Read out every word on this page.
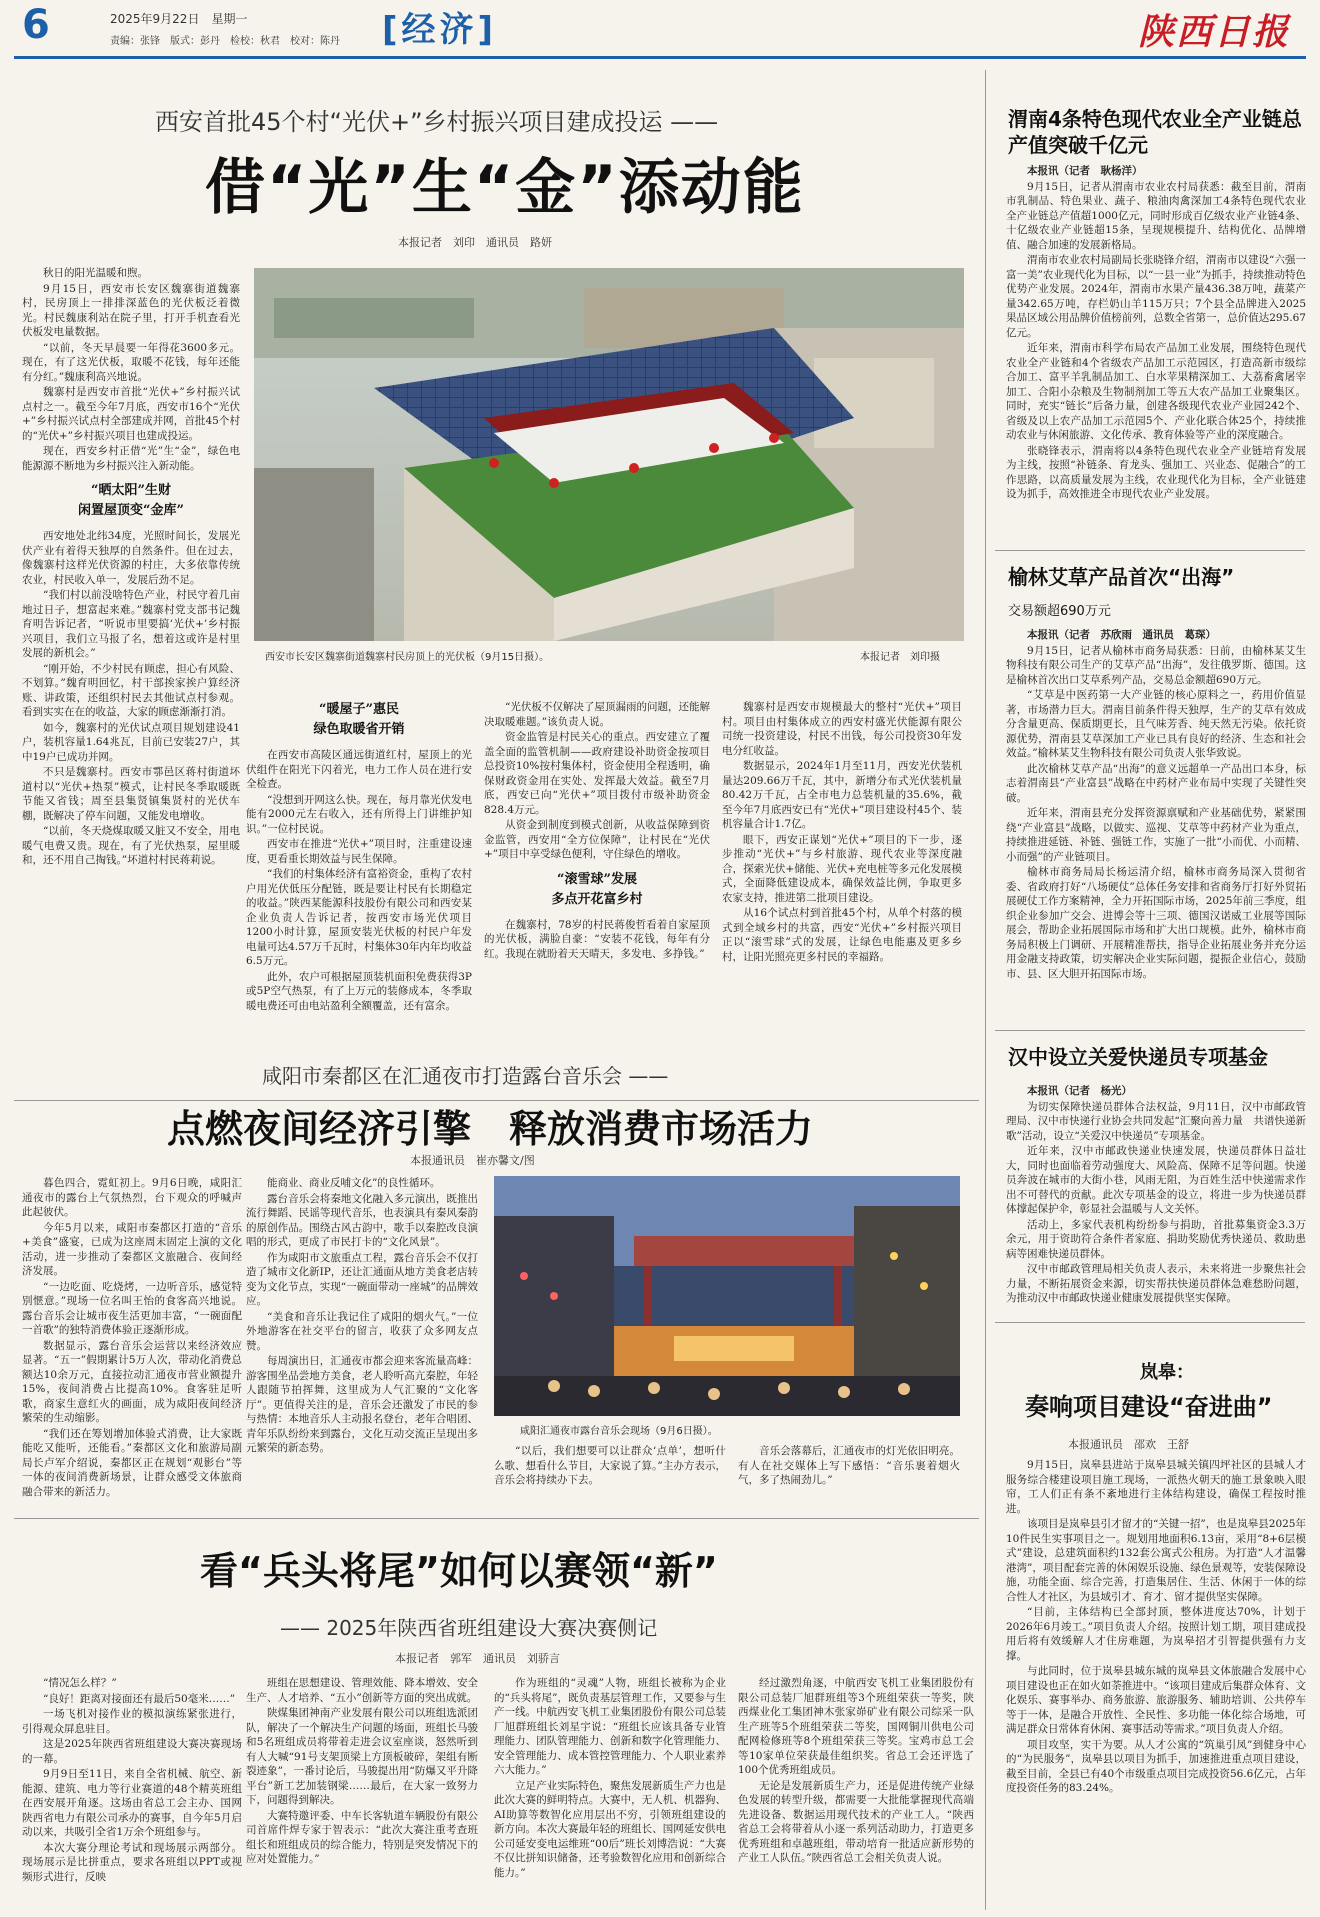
6	2025年9月22日　星期一
责编：张锋　版式：彭丹　检校：秋君　校对：陈丹 [经济]	陕西日报
西安首批45个村“光伏+”乡村振兴项目建成投运 ——
借“光”生“金”添动能
本报记者　刘印　通讯员　路妍

秋日的阳光温暖和煦。

9月15日，西安市长安区魏寨街道魏寨村，民房顶上一排排深蓝色的光伏板泛着微光。村民魏康利站在院子里，打开手机查看光伏板发电量数据。

“以前，冬天早晨要一年得花3600多元。现在，有了这光伏板，取暖不花钱，每年还能有分红。”魏康利高兴地说。

魏寨村是西安市首批“光伏+”乡村振兴试点村之一。截至今年7月底，西安市16个“光伏+”乡村振兴试点村全部建成并网，首批45个村的“光伏+”乡村振兴项目也建成投运。

现在，西安乡村正借“光”生“金”，绿色电能源源不断地为乡村振兴注入新动能。

“晒太阳”生财
闲置屋顶变“金库”

西安地处北纬34度，光照时间长，发展光伏产业有着得天独厚的自然条件。但在过去，像魏寨村这样光伏资源的村庄，大多依靠传统农业，村民收入单一，发展后劲不足。

“我们村以前没啥特色产业，村民守着几亩地过日子，想富起来难。”魏寨村党支部书记魏育明告诉记者，“听说市里要搞‘光伏+’乡村振兴项目，我们立马报了名，想着这或许是村里发展的新机会。”

“刚开始，不少村民有顾虑，担心有风险、不划算。”魏育明回忆，村干部挨家挨户算经济账、讲政策，还组织村民去其他试点村参观。看到实实在在的收益，大家的顾虑渐渐打消。

如今，魏寨村的光伏试点项目规划建设41户，装机容量1.64兆瓦，目前已安装27户，其中19户已成功并网。

不只是魏寨村。西安市鄠邑区蒋村街道坏道村以“光伏+热泵”模式，让村民冬季取暖既节能又省钱；周至县集贤镇集贤村的光伏车棚，既解决了停车问题，又能发电增收。

“以前，冬天烧煤取暖又脏又不安全，用电暖气电费又贵。现在，有了光伏热泵，屋里暖和，还不用自己掏钱。”坏道村村民蒋莉说。

西安市长安区魏寨街道魏寨村民房顶上的光伏板（9月15日摄）。	本报记者　刘印摄
“暖屋子”惠民
绿色取暖省开销

在西安市高陵区通远街道红村，屋顶上的光伏组件在阳光下闪着光，电力工作人员在进行安全检查。

“没想到开网这么快。现在，每月靠光伏发电能有2000元左右收入，还有所得上门讲维护知识。”一位村民说。

西安市在推进“光伏+”项目时，注重建设速度，更看重长期效益与民生保障。

“我们的村集体经济有富裕资金，重构了农村户用光伏低压分配链，既是要让村民有长期稳定的收益。”陕西某能源科技股份有限公司和西安某企业负责人告诉记者，按西安市场光伏项目1200小时计算，屋顶安装光伏板的村民户年发电量可达4.57万千瓦时，村集体30年内年均收益6.5万元。

此外，农户可根据屋顶装机面积免费获得3P或5P空气热泵，有了上万元的装修成本，冬季取暖电费还可由电站盈利全额覆盖，还有富余。

“光伏板不仅解决了屋顶漏雨的问题，还能解决取暖难题。”该负责人说。

资金监管是村民关心的重点。西安建立了覆盖全面的监管机制——政府建设补助资金按项目总投资10%按村集体村，资金使用全程透明，确保财政资金用在实处、发挥最大效益。截至7月底，西安已向“光伏+”项目拨付市级补助资金828.4万元。

从资金到制度到模式创新，从收益保障到资金监管，西安用“全方位保障”，让村民在“光伏+”项目中享受绿色便利，守住绿色的增收。

“滚雪球”发展
多点开花富乡村

在魏寨村，78岁的村民蒋俊哲看着自家屋顶的光伏板，满脸自豪：“安装不花钱，每年有分红。我现在就盼着天天晴天，多发电、多挣钱。”

魏寨村是西安市规模最大的整村“光伏+”项目村。项目由村集体成立的西安村盛光伏能源有限公司统一投资建设，村民不出钱，每公司投资30年发电分红收益。

数据显示，2024年1月至11月，西安光伏装机量达209.66万千瓦，其中，新增分布式光伏装机量80.42万千瓦，占全市电力总装机量的35.6%，截至今年7月底西安已有“光伏+”项目建设村45个、装机容量合计1.7亿。

眼下，西安正谋划“光伏+”项目的下一步，逐步推动“光伏+”与乡村旅游、现代农业等深度融合，探索光伏+储能、光伏+充电桩等多元化发展模式，全面降低建设成本，确保效益比例，争取更多农家支持，推进第二批项目建设。

从16个试点村到首批45个村，从单个村落的模式到全域乡村的共富，西安“光伏+”乡村振兴项目正以“滚雪球”式的发展，让绿色电能惠及更多乡村，让阳光照亮更多村民的幸福路。

咸阳市秦都区在汇通夜市打造露台音乐会 ——
点燃夜间经济引擎　释放消费市场活力
本报通讯员　崔亦馨文/图

暮色四合，霓虹初上。9月6日晚，咸阳汇通夜市的露台上气氛热烈，台下观众的呼喊声此起彼伏。

今年5月以来，咸阳市秦都区打造的“音乐+美食”盛宴，已成为这座周末固定上演的文化活动，进一步推动了秦都区文旅融合、夜间经济发展。

“一边吃面、吃烧烤，一边听音乐，感觉特别惬意。”现场一位名叫王怡的食客高兴地说。露台音乐会让城市夜生活更加丰富，“一碗面配一首歌”的独特消费体验正逐渐形成。

数据显示，露台音乐会运营以来经济效应显著。“五一”假期累计5万人次，带动化消费总额达10余万元，直接拉动汇通夜市营业额提升15%，夜间消费占比提高10%。食客驻足听歌，商家生意红火的画面，成为咸阳夜间经济繁荣的生动缩影。

“我们还在筹划增加体验式消费，让大家既能吃又能听，还能看。”秦都区文化和旅游局副局长卢军介绍说，秦都区正在规划“观影台”等一体的夜间消费新场景，让群众感受文体旅商融合带来的新活力。

能商业、商业反哺文化”的良性循环。

露台音乐会将秦地文化融入多元演出，既推出流行舞蹈、民谣等现代音乐，也表演具有秦风秦韵的原创作品。围绕古风古韵中，歌手以秦腔改良演唱的形式，更成了市民打卡的“文化风景”。

作为咸阳市文旅重点工程，露台音乐会不仅打造了城市文化新IP，还让汇通面从地方美食老店转变为文化节点，实现“一碗面带动一座城”的品牌效应。

“美食和音乐让我记住了咸阳的烟火气。”一位外地游客在社交平台的留言，收获了众多网友点赞。

每周演出日，汇通夜市都会迎来客流量高峰：游客围坐品尝地方美食，老人聆听高亢秦腔，年轻人跟随节拍挥舞，这里成为人气汇聚的“文化客厅”。更值得关注的是，音乐会还激发了市民的参与热情：本地音乐人主动报名登台，老年合唱团、青年乐队纷纷来到露台，文化互动交流正呈现出多元繁荣的新态势。

咸阳汇通夜市露台音乐会现场（9月6日摄）。

“以后，我们想要可以让群众‘点单’，想听什么歌、想看什么节目，大家说了算。”主办方表示，音乐会将持续办下去。

音乐会落幕后，汇通夜市的灯光依旧明亮。有人在社交媒体上写下感悟：“音乐裹着烟火气，多了热闹劲儿。”

看“兵头将尾”如何以赛领“新”
—— 2025年陕西省班组建设大赛决赛侧记
本报记者　郭军　通讯员　刘骄言

“情况怎么样？”

“良好！距离对接面还有最后50毫米……”

一场飞机对接作业的模拟演练紧张进行，引得观众屏息驻目。

这是2025年陕西省班组建设大赛决赛现场的一幕。

9月9日至11日，来自全省机械、航空、新能源、建筑、电力等行业赛道的48个精英班组在西安展开角逐。这场由省总工会主办、国网陕西省电力有限公司承办的赛事，自今年5月启动以来，共吸引全省1万余个班组参与。

本次大赛分理论考试和现场展示两部分。现场展示是比拼重点，要求各班组以PPT或视频形式进行，反映

班组在思想建设、管理效能、降本增效、安全生产、人才培养、“五小”创新等方面的突出成就。

陕煤集团神南产业发展有限公司以班组选派团队，解决了一个解决生产问题的场面，班组长马骏和5名班组成员将带着走进会议室座谈，怒然听到有人大喊“91号支架顶梁上方顶板破碎，架组有断裂迹象”，一番讨论后，马骏提出用“防爆又平升降平台”新工艺加装钢梁……最后，在大家一致努力下，问题得到解决。

大赛特邀评委、中车长客轨道车辆股份有限公司首席件焊专家于智表示：“此次大赛注重考查班组长和班组成员的综合能力，特别是突发情况下的应对处置能力。”

作为班组的“灵魂”人物，班组长被称为企业的“兵头将尾”，既负责基层管理工作，又要参与生产一线。中航西安飞机工业集团股份有限公司总装厂旭群班组长刘星宇说：“班组长应该具备专业管理能力、团队管理能力、创新和数字化管理能力、安全管理能力、成本管控管理能力、个人职业素养六大能力。”

立足产业实际特色，聚焦发展新质生产力也是此次大赛的鲜明特点。大赛中，无人机、机器狗、AI助算等数智化应用层出不穷，引领班组建设的新方向。本次大赛最年轻的班组长、国网延安供电公司延安变电运维班“00后”班长刘博浩说：“大赛不仅比拼知识储备，还考验数智化应用和创新综合能力。”

经过激烈角逐，中航西安飞机工业集团股份有限公司总装厂旭群班组等3个班组荣获一等奖，陕西煤业化工集团神木张家峁矿业有限公司综采一队生产班等5个班组荣获二等奖，国网铜川供电公司配网检修班等8个班组荣获三等奖。宝鸡市总工会等10家单位荣获最佳组织奖。省总工会还评选了100个优秀班组成员。

无论是发展新质生产力，还是促进传统产业绿色发展的转型升级，都需要一大批能掌握现代高端先进设备、数据运用现代技术的产业工人。“陕西省总工会将带着从小逐一系列活动助力，打造更多优秀班组和卓越班组，带动培育一批适应新形势的产业工人队伍。”陕西省总工会相关负责人说。

渭南4条特色现代农业全产业链总产值突破千亿元

本报讯（记者　耿杨洋）

9月15日，记者从渭南市农业农村局获悉：截至目前，渭南市乳制品、特色果业、蔬子、粮油肉禽深加工4条特色现代农业全产业链总产值超1000亿元，同时形成百亿级农业产业链4条、十亿级农业产业链超15条，呈现规模提升、结构优化、品牌增值、融合加速的发展新格局。

渭南市农业农村局副局长张晓锋介绍，渭南市以建设“六强一富一美”农业现代化为目标，以“一县一业”为抓手，持续推动特色优势产业发展。2024年，渭南市水果产量436.38万吨，蔬菜产量342.65万吨，存栏奶山羊115万只；7个县全品牌进入2025果品区域公用品牌价值榜前列，总数全省第一，总价值达295.67亿元。

近年来，渭南市科学布局农产品加工业发展，围绕特色现代农业全产业链和4个省级农产品加工示范园区，打造高新市级综合加工、富平羊乳制品加工、白水苹果精深加工、大荔畜禽屠宰加工、合阳小杂粮及生物制剂加工等五大农产品加工业聚集区。同时，充实“链长”后备力量，创建各级现代农业产业园242个、省级及以上农产品加工示范园5个、产业化联合体25个，持续推动农业与休闲旅游、文化传承、教育体验等产业的深度融合。

张晓锋表示，渭南将以4条特色现代农业全产业链培育发展为主线，按照“补链条、育龙头、强加工、兴业态、促融合”的工作思路，以高质量发展为主线，农业现代化为目标，全产业链建设为抓手，高效推进全市现代农业产业发展。

榆林艾草产品首次“出海”
交易额超690万元

本报讯（记者　苏欣雨　通讯员　葛琛）

9月15日，记者从榆林市商务局获悉：日前，由榆林某艾生物科技有限公司生产的艾草产品“出海”，发往俄罗斯、德国。这是榆林首次出口艾草系列产品，交易总金额超690万元。

“艾草是中医药第一大产业链的核心原料之一，药用价值显著，市场潜力巨大。渭南目前条件得天独厚，生产的艾草有效成分含量更高、保质期更长，且气味芳香、纯天然无污染。依托资源优势，渭南县艾草深加工产业已具有良好的经济、生态和社会效益。”榆林某艾生物科技有限公司负责人张华致说。

此次榆林艾草产品“出海”的意义远超单一产品出口本身，标志着渭南县“产业富县”战略在中药材产业布局中实现了关键性突破。

近年来，渭南县充分发挥资源禀赋和产业基础优势，紧紧围绕“产业富县”战略，以做实、巡视、艾草等中药材产业为重点，持续推进延链、补链、强链工作，实施了一批“小而优、小而精、小而强”的产业链项目。

榆林市商务局局长杨运清介绍，榆林市商务局深入贯彻省委、省政府打好“八场硬仗”总体任务安排和省商务厅打好外贸拓展硬仗工作方案精神，全力开拓国际市场，2025年前三季度，组织企业参加广交会、进博会等十三项、德国汉诺威工业展等国际展会，帮助企业拓展国际市场和扩大出口规模。此外，榆林市商务局积极上门调研、开展精准帮扶，指导企业拓展业务并充分运用金融支持政策，切实解决企业实际问题，提振企业信心，鼓励市、县、区大胆开拓国际市场。

汉中设立关爱快递员专项基金

本报讯（记者　杨光）

为切实保障快递员群体合法权益，9月11日，汉中市邮政管理局、汉中市快递行业协会共同发起“汇聚向善力量　共谱快递新歌”活动，设立“关爱汉中快递员”专项基金。

近年来，汉中市邮政快递业快速发展，快递员群体日益壮大，同时也面临着劳动强度大、风险高、保障不足等问题。快递员奔波在城市的大街小巷，风雨无阻，为百姓生活中快递需求作出不可替代的贡献。此次专项基金的设立，将进一步为快递员群体撑起保护伞，彰显社会温暖与人文关怀。

活动上，多家代表机构纷纷参与捐助，首批募集资金3.3万余元，用于资助符合条件者家庭、捐助奖励优秀快递员、救助患病等困难快递员群体。

汉中市邮政管理局相关负责人表示，未来将进一步聚焦社会力量，不断拓展资金来源，切实帮扶快递员群体急难愁盼问题，为推动汉中市邮政快递业健康发展提供坚实保障。

岚皋：
奏响项目建设“奋进曲”
本报通讯员　邵欢　王舒

9月15日，岚皋县进站于岚皋县城关镇四坪社区的县城人才服务综合楼建设项目施工现场，一派热火朝天的施工景象映入眼帘，工人们正有条不紊地进行主体结构建设，确保工程按时推进。

该项目是岚皋县引才留才的“关键一招”，也是岚皋县2025年10件民生实事项目之一。规划用地面积6.13亩，采用“8+6层模式”建设，总建筑面积约132套公寓式公租房。为打造“人才温馨港湾”，项目配套完善的休闲娱乐设施、绿色景观等，安装保障设施，功能全面、综合完善，打造集居住、生活、休闲于一体的综合性人才社区，为县域引才、育才、留才提供坚实保障。

“目前，主体结构已全部封顶，整体进度达70%，计划于2026年6月竣工。”项目负责人介绍。按照计划工期，项目建成投用后将有效缓解人才住房难题，为岚皋招才引智提供强有力支撑。

与此同时，位于岚皋县城东城的岚皋县文体旅融合发展中心项目建设也正在如火如荼推进中。“该项目建成后集群众体育、文化娱乐、赛事举办、商务旅游、旅游服务、辅助培训、公共停车等于一体，是融合开放性、全民性、多功能一体化综合场地，可满足群众日常体育休闲、赛事活动等需求。”项目负责人介绍。

项目攻坚，实干为要。从人才公寓的“筑巢引凤”到健身中心的“为民服务”，岚皋县以项目为抓手，加速推进重点项目建设，截至目前，全县已有40个市级重点项目完成投资56.6亿元，占年度投资任务的83.24%。
